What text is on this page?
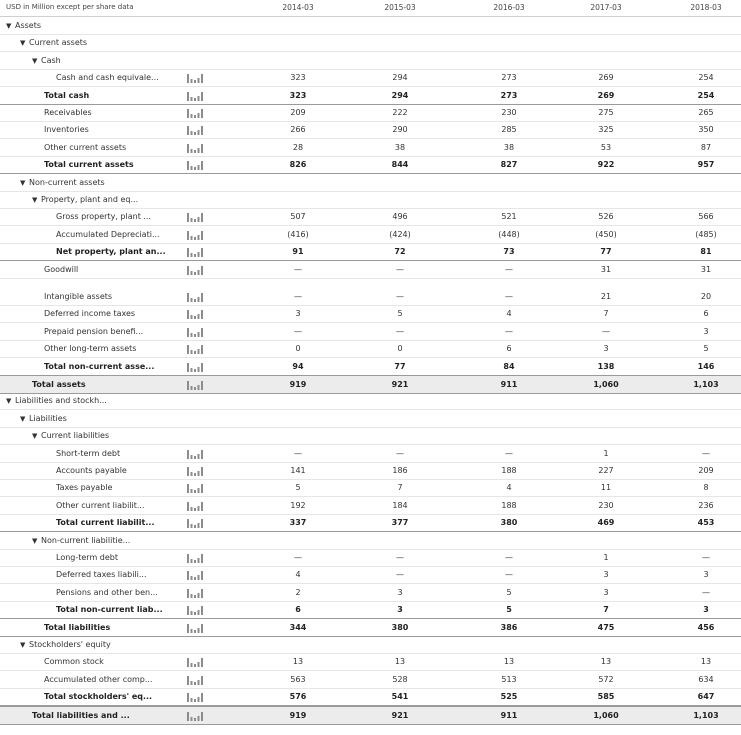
USD in Million except per share data	2014-03	2015-03	2016-03	2017-03	2018-03
▼ Assets
▼ Current assets
▼ Cash
Cash and cash equivale...	323	294	273	269	254
Total cash	323	294	273	269	254
Receivables	209	222	230	275	265
Inventories	266	290	285	325	350
Other current assets	28	38	38	53	87
Total current assets	826	844	827	922	957
▼ Non-current assets
▼ Property, plant and eq...
Gross property, plant ...	507	496	521	526	566
Accumulated Depreciati...	(416)	(424)	(448)	(450)	(485)
Net property, plant an...	91	72	73	77	81
Goodwill	—	—	—	31	31
Intangible assets	—	—	—	21	20
Deferred income taxes	3	5	4	7	6
Prepaid pension benefi...	—	—	—	—	3
Other long-term assets	0	0	6	3	5
Total non-current asse...	94	77	84	138	146
Total assets	919	921	911	1,060	1,103
▼ Liabilities and stockh...
▼ Liabilities
▼ Current liabilities
Short-term debt	—	—	—	1	—
Accounts payable	141	186	188	227	209
Taxes payable	5	7	4	11	8
Other current liabilit...	192	184	188	230	236
Total current liabilit...	337	377	380	469	453
▼ Non-current liabilitie...
Long-term debt	—	—	—	1	—
Deferred taxes liabili...	4	—	—	3	3
Pensions and other ben...	2	3	5	3	—
Total non-current liab...	6	3	5	7	3
Total liabilities	344	380	386	475	456
▼ Stockholders' equity
Common stock	13	13	13	13	13
Accumulated other comp...	563	528	513	572	634
Total stockholders' eq...	576	541	525	585	647
Total liabilities and ...	919	921	911	1,060	1,103
